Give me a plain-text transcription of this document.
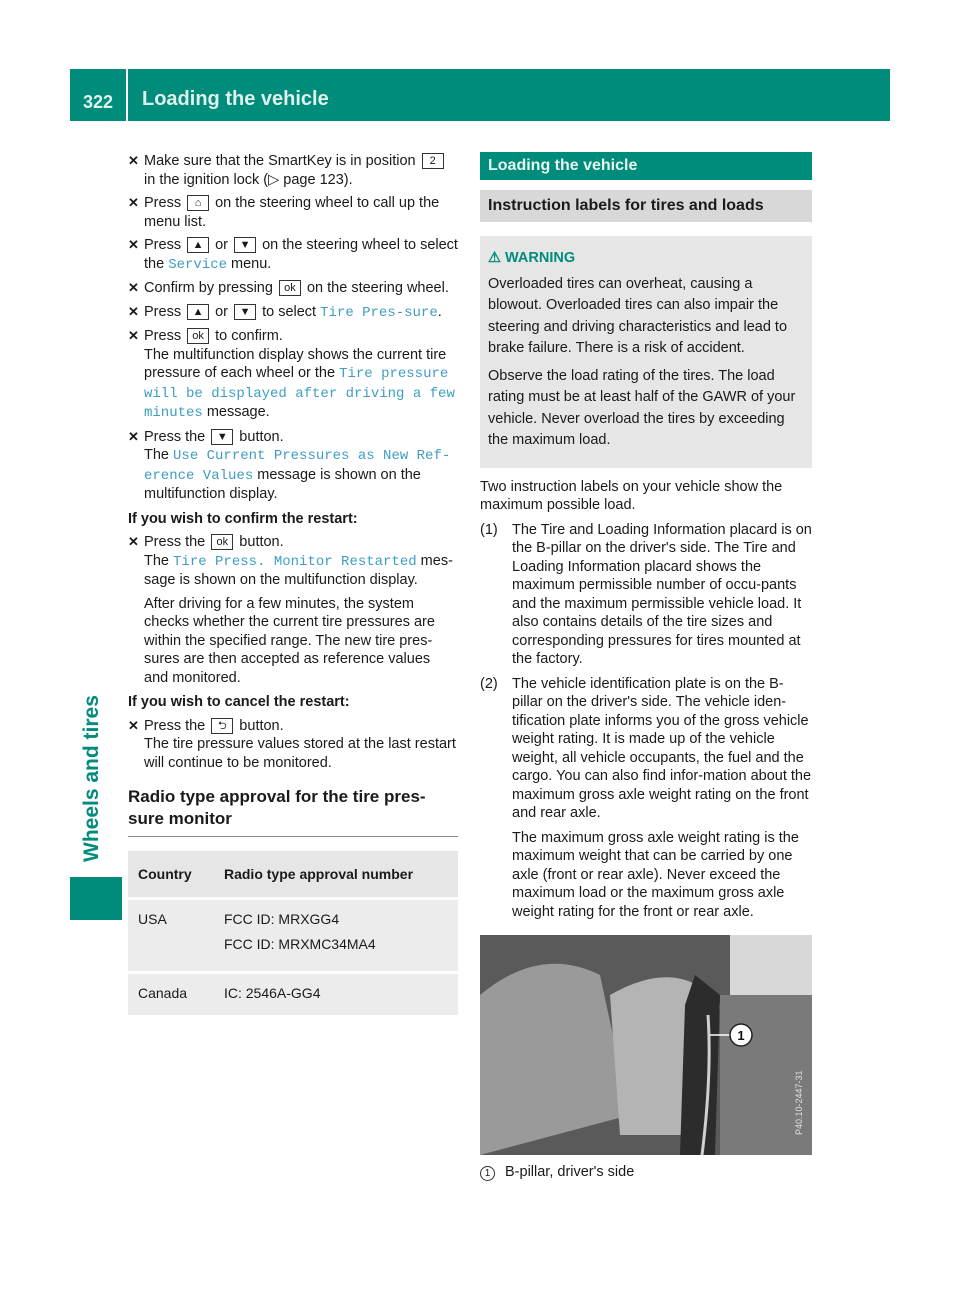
322 Loading the vehicle
Wheels and tires
✕ Make sure that the SmartKey is in position 2
in the ignition lock (▷ page 123).
✕ Press ⌂ on the steering wheel to call up the menu list.
✕ Press ▲ or ▼ on the steering wheel to select the Service menu.
✕ Confirm by pressing ok on the steering wheel.
✕ Press ▲ or ▼ to select Tire Pres‐sure.
✕ Press ok to confirm.
The multifunction display shows the current tire pressure of each wheel or the Tire pressure will be displayed after driving a few minutes message.
✕ Press the ▼ button.
The Use Current Pressures as New Ref‐erence Values message is shown on the multifunction display.
If you wish to confirm the restart:
✕ Press the ok button.
The Tire Press. Monitor Restarted mes‐sage is shown on the multifunction display.
After driving for a few minutes, the system checks whether the current tire pressures are within the specified range. The new tire pres‐sures are then accepted as reference values and monitored.
If you wish to cancel the restart:
✕ Press the ⮌ button.
The tire pressure values stored at the last restart will continue to be monitored.
Radio type approval for the tire pres‐sure monitor
Country	Radio type approval number
USA	FCC ID: MRXGG4
FCC ID: MRXMC34MA4

Canada	IC: 2546A-GG4
Loading the vehicle
Instruction labels for tires and loads
⚠ WARNING

Overloaded tires can overheat, causing a blowout. Overloaded tires can also impair the steering and driving characteristics and lead to brake failure. There is a risk of accident.

Observe the load rating of the tires. The load rating must be at least half of the GAWR of your vehicle. Never overload the tires by exceeding the maximum load.

Two instruction labels on your vehicle show the maximum possible load.
(1) The Tire and Loading Information placard is on the B-pillar on the driver's side. The Tire and Loading Information placard shows the maximum permissible number of occu‐pants and the maximum permissible vehicle load. It also contains details of the tire sizes and corresponding pressures for tires mounted at the factory.

(2) The vehicle identification plate is on the B-pillar on the driver's side. The vehicle iden‐tification plate informs you of the gross vehicle weight rating. It is made up of the vehicle weight, all vehicle occupants, the fuel and the cargo. You can also find infor‐mation about the maximum gross axle weight rating on the front and rear axle.

The maximum gross axle weight rating is the maximum weight that can be carried by one axle (front or rear axle). Never exceed the maximum load or the maximum gross axle weight rating for the front or rear axle.

1
P40.10-2447-31
1 B-pillar, driver's side
